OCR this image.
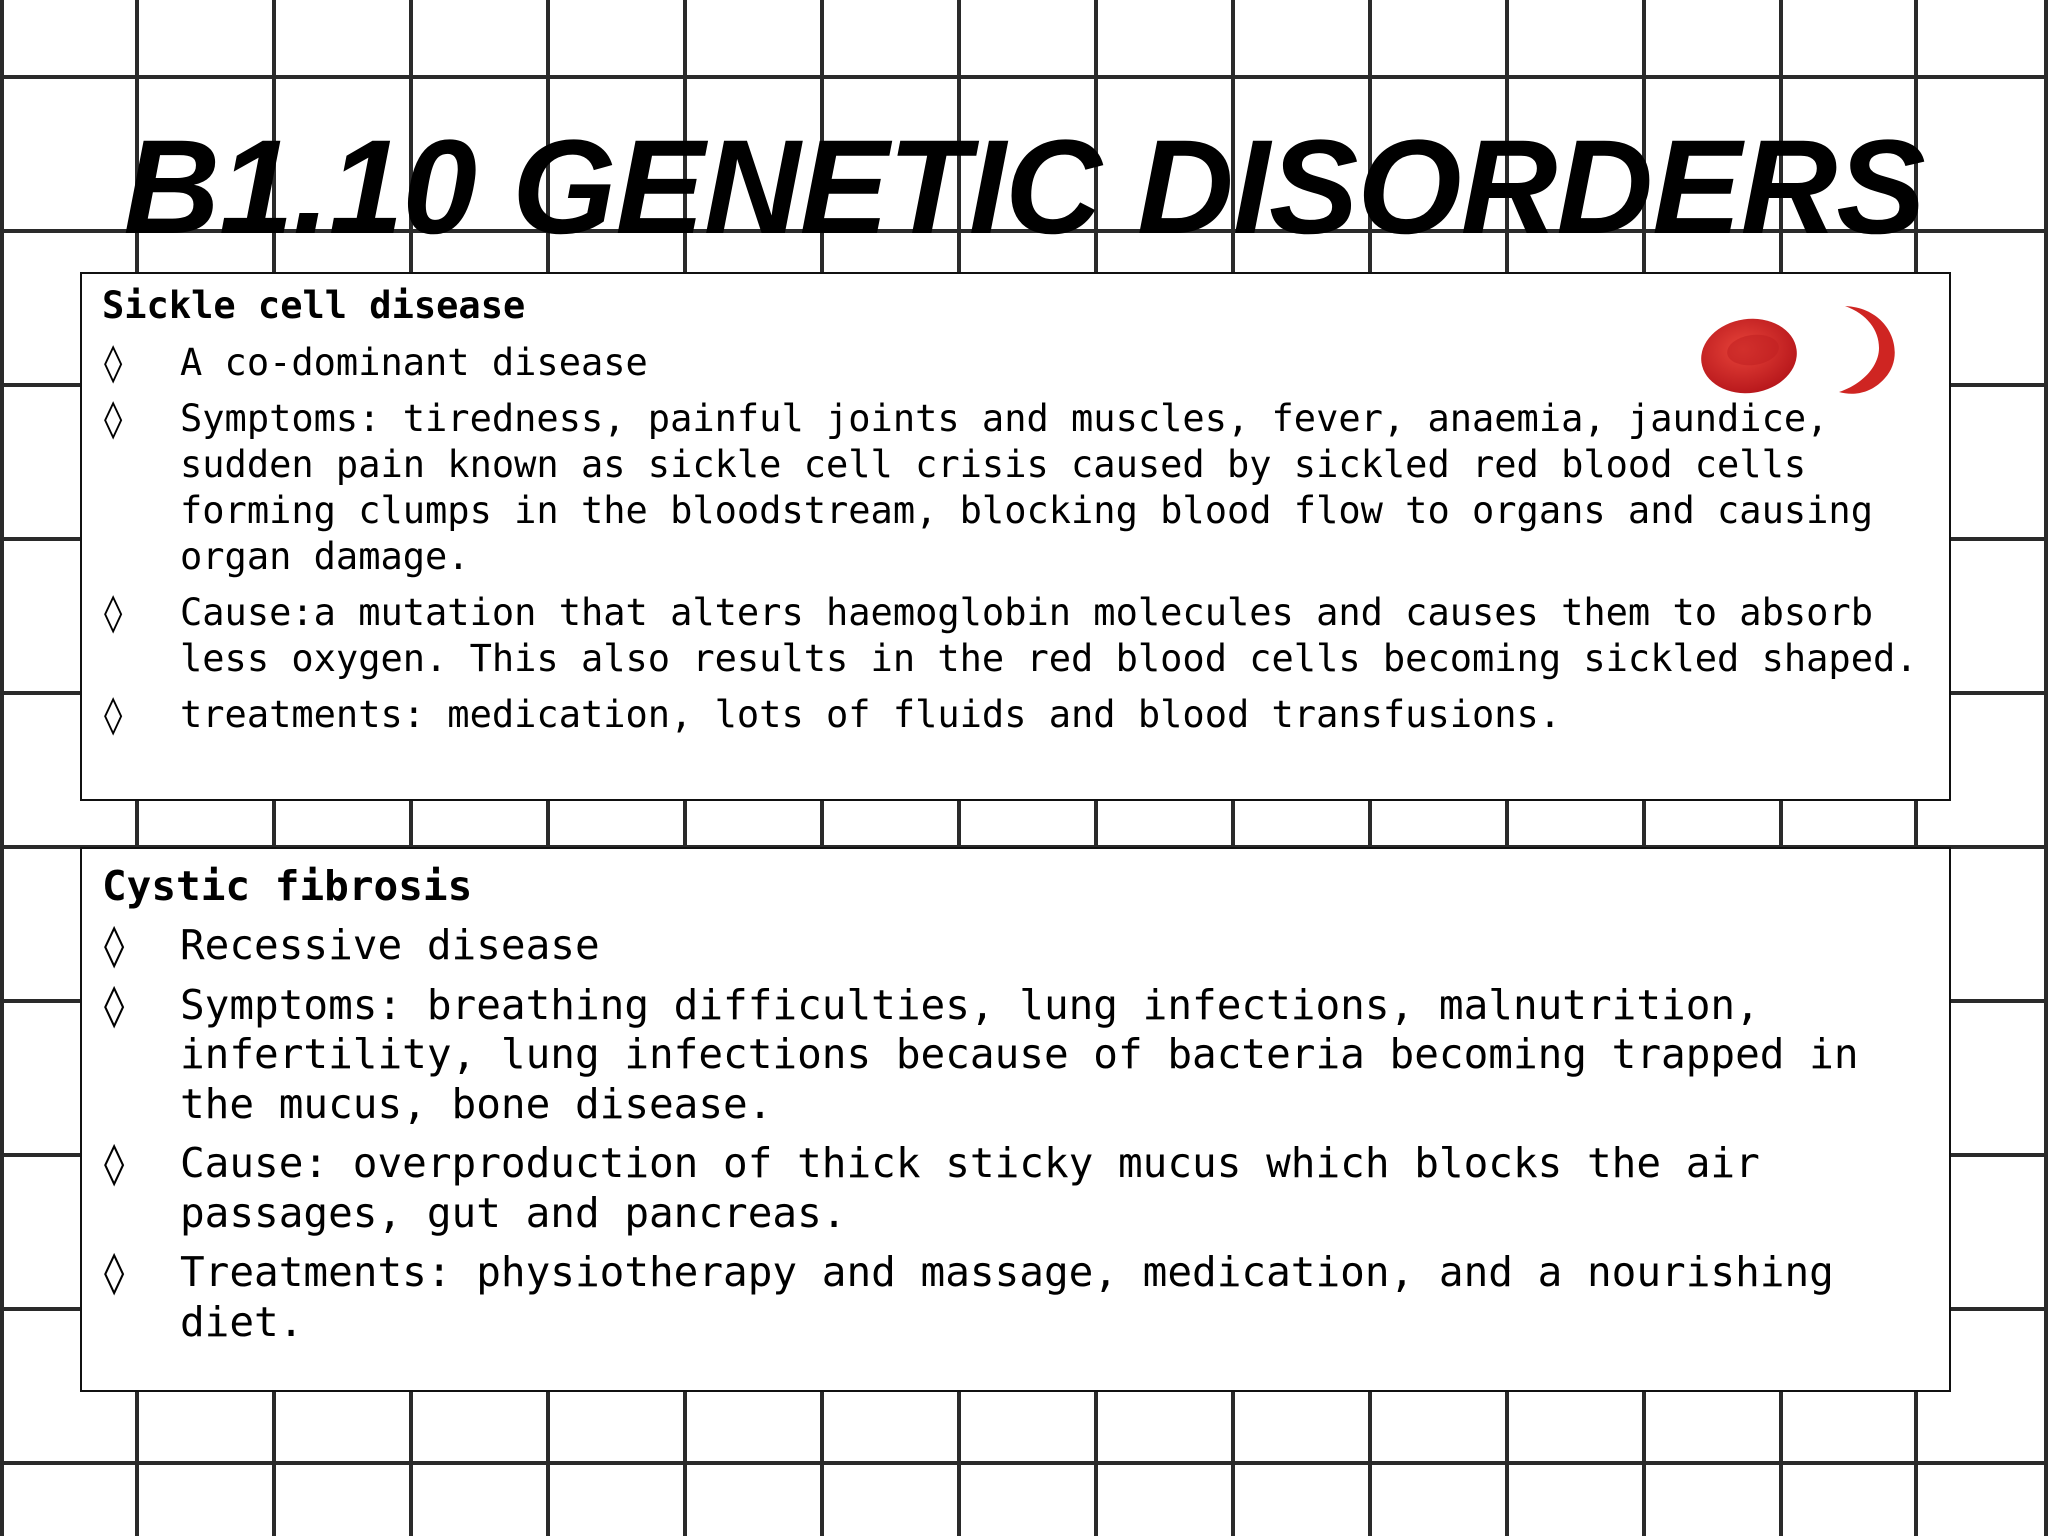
B1.10 GENETIC DISORDERS

Sickle cell disease

◊ A co-dominant disease
◊ Symptoms: tiredness, painful joints and muscles, fever, anaemia, jaundice, sudden pain known as sickle cell crisis caused by sickled red blood cells forming clumps in the bloodstream, blocking blood flow to organs and causing organ damage.
◊ Cause:a mutation that alters haemoglobin molecules and causes them to absorb less oxygen. This also results in the red blood cells becoming sickled shaped.
◊ treatments: medication, lots of fluids and blood transfusions.

Cystic fibrosis

◊ Recessive disease
◊ Symptoms: breathing difficulties, lung infections, malnutrition, infertility, lung infections because of bacteria becoming trapped in the mucus, bone disease.
◊ Cause: overproduction of thick sticky mucus which blocks the air passages, gut and pancreas.
◊ Treatments: physiotherapy and massage, medication, and a nourishing diet.
